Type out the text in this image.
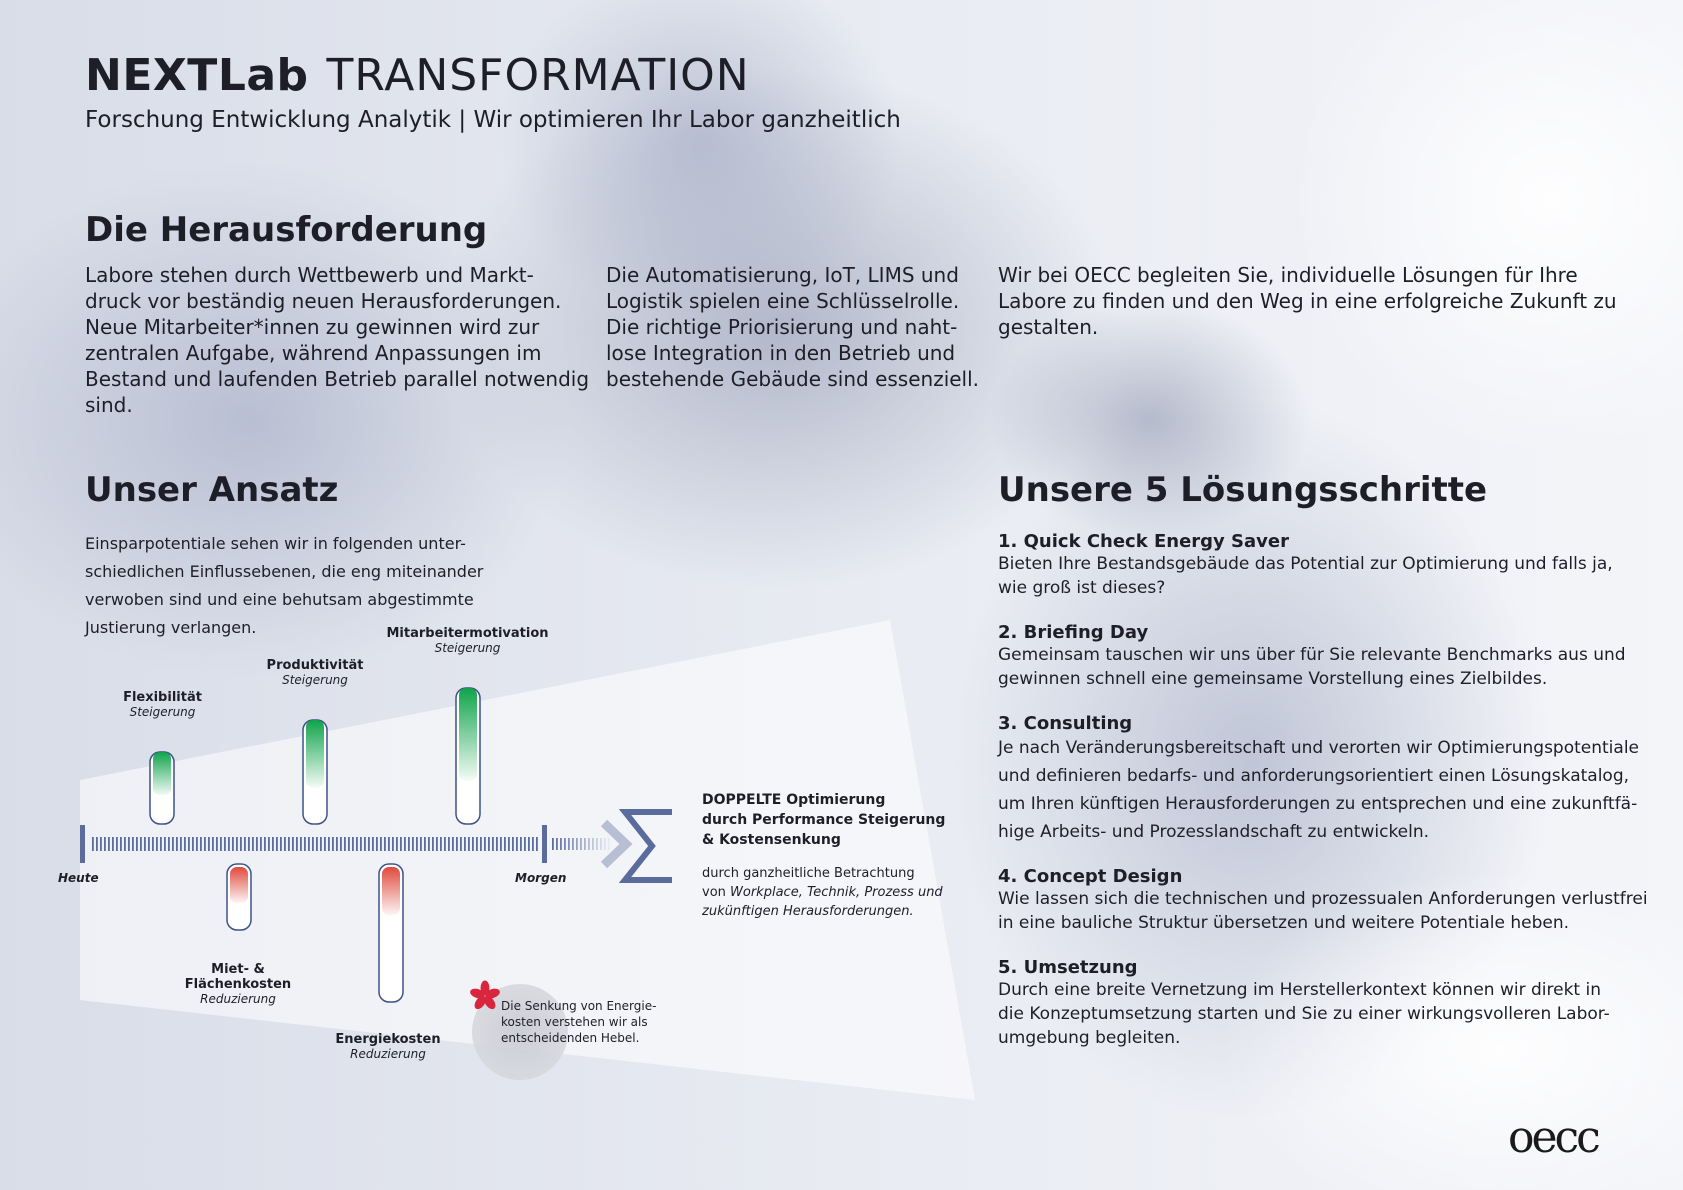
NEXTLab TRANSFORMATION
Forschung Entwicklung Analytik | Wir optimieren Ihr Labor ganzheitlich
Die Herausforderung

Labore stehen durch Wettbewerb und Markt-

druck vor beständig neuen Herausforderungen.

Neue Mitarbeiter*innen zu gewinnen wird zur

zentralen Aufgabe, während Anpassungen im

Bestand und laufenden Betrieb parallel notwendig

sind.

Die Automatisierung, IoT, LIMS und

Logistik spielen eine Schlüsselrolle.

Die richtige Priorisierung und naht-

lose Integration in den Betrieb und

bestehende Gebäude sind essenziell.

Wir bei OECC begleiten Sie, individuelle Lösungen für Ihre

Labore zu finden und den Weg in eine erfolgreiche Zukunft zu

gestalten.

Unser Ansatz

Einsparpotentiale sehen wir in folgenden unter-

schiedlichen Einflussebenen, die eng miteinander

verwoben sind und eine behutsam abgestimmte

Justierung verlangen.

Flexibilität
Steigerung
Produktivität
Steigerung
Mitarbeitermotivation
Steigerung
Miet- &
Flächenkosten
Reduzierung
Energiekosten
Reduzierung
Heute	Morgen
DOPPELTE Optimierung
durch Performance Steigerung
& Kostensenkung
durch ganzheitliche Betrachtung
von Workplace, Technik, Prozess und
zukünftigen Herausforderungen.
Die Senkung von Energie-
kosten verstehen wir als
entscheidenden Hebel.
Unsere 5 Lösungsschritte

1. Quick Check Energy Saver

Bieten Ihre Bestandsgebäude das Potential zur Optimierung und falls ja,

wie groß ist dieses?

2. Briefing Day

Gemeinsam tauschen wir uns über für Sie relevante Benchmarks aus und

gewinnen schnell eine gemeinsame Vorstellung eines Zielbildes.

3. Consulting

Je nach Veränderungsbereitschaft und verorten wir Optimierungspotentiale

und definieren bedarfs- und anforderungsorientiert einen Lösungskatalog,

um Ihren künftigen Herausforderungen zu entsprechen und eine zukunftfä-

hige Arbeits- und Prozesslandschaft zu entwickeln.

4. Concept Design

Wie lassen sich die technischen und prozessualen Anforderungen verlustfrei

in eine bauliche Struktur übersetzen und weitere Potentiale heben.

5. Umsetzung

Durch eine breite Vernetzung im Herstellerkontext können wir direkt in

die Konzeptumsetzung starten und Sie zu einer wirkungsvolleren Labor-

umgebung begleiten.

oecc
